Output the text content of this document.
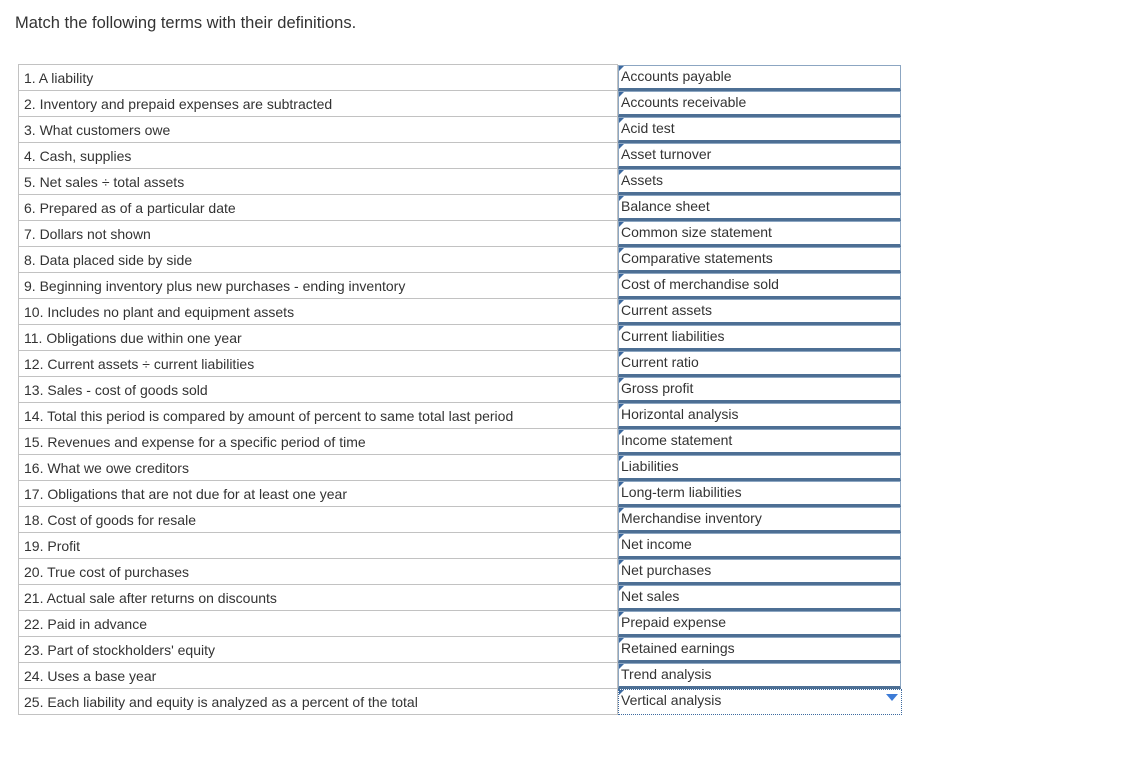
Match the following terms with their definitions.
1. A liability	Accounts payable

2. Inventory and prepaid expenses are subtracted	Accounts receivable

3. What customers owe	Acid test

4. Cash, supplies	Asset turnover

5. Net sales ÷ total assets	Assets

6. Prepared as of a particular date	Balance sheet

7. Dollars not shown	Common size statement

8. Data placed side by side	Comparative statements

9. Beginning inventory plus new purchases - ending inventory	Cost of merchandise sold

10. Includes no plant and equipment assets	Current assets

11. Obligations due within one year	Current liabilities

12. Current assets ÷ current liabilities	Current ratio

13. Sales - cost of goods sold	Gross profit

14. Total this period is compared by amount of percent to same total last period	Horizontal analysis

15. Revenues and expense for a specific period of time	Income statement

16. What we owe creditors	Liabilities

17. Obligations that are not due for at least one year	Long-term liabilities

18. Cost of goods for resale	Merchandise inventory

19. Profit	Net income

20. True cost of purchases	Net purchases

21. Actual sale after returns on discounts	Net sales

22. Paid in advance	Prepaid expense

23. Part of stockholders' equity	Retained earnings

24. Uses a base year	Trend analysis

25. Each liability and equity is analyzed as a percent of the total	Vertical analysis
